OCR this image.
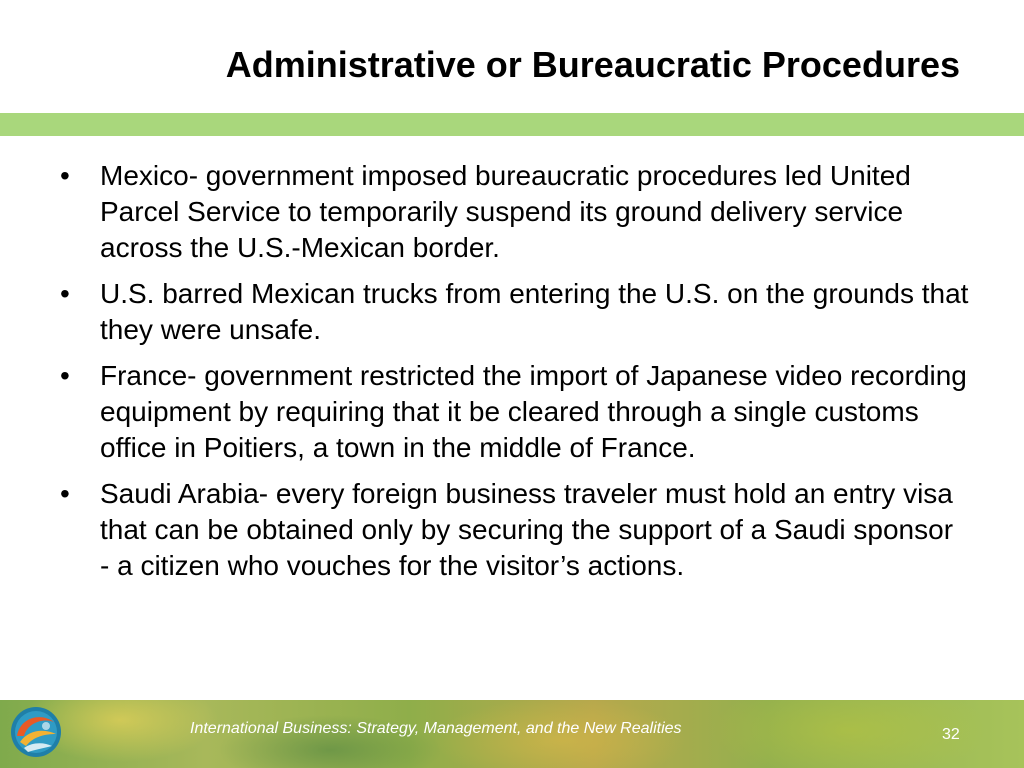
Administrative or Bureaucratic Procedures
•	Mexico- government imposed bureaucratic procedures led United Parcel Service to temporarily suspend its ground delivery service across the U.S.-Mexican border.
•	U.S. barred Mexican trucks from entering the U.S. on the grounds that they were unsafe.
•	France- government restricted the import of Japanese video recording equipment by requiring that it be cleared through a single customs office in Poitiers, a town in the middle of France.
•	Saudi Arabia- every foreign business traveler must hold an entry visa that can be obtained only by securing the support of a Saudi sponsor - a citizen who vouches for the visitor’s actions.
International Business: Strategy, Management, and the New Realities	32
